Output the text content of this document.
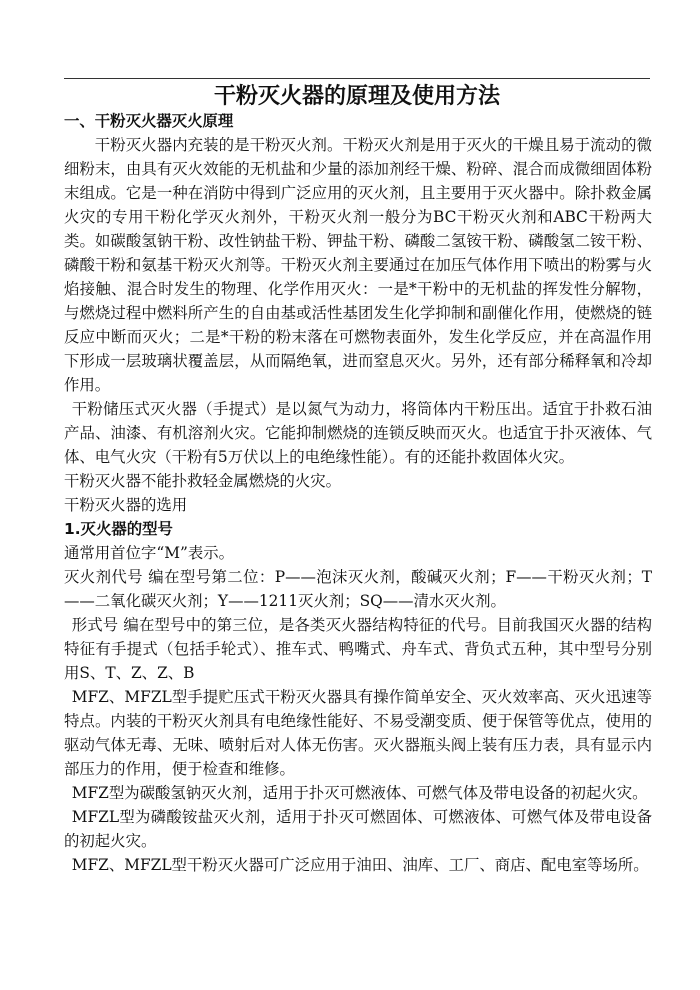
干粉灭火器的原理及使用方法

一、干粉灭火器灭火原理

干粉灭火器内充装的是干粉灭火剂。干粉灭火剂是用于灭火的干燥且易于流动的微细粉末，由具有灭火效能的无机盐和少量的添加剂经干燥、粉碎、混合而成微细固体粉末组成。它是一种在消防中得到广泛应用的灭火剂，且主要用于灭火器中。除扑救金属火灾的专用干粉化学灭火剂外，干粉灭火剂一般分为BC干粉灭火剂和ABC干粉两大类。如碳酸氢钠干粉、改性钠盐干粉、钾盐干粉、磷酸二氢铵干粉、磷酸氢二铵干粉、磷酸干粉和氨基干粉灭火剂等。干粉灭火剂主要通过在加压气体作用下喷出的粉雾与火焰接触、混合时发生的物理、化学作用灭火：一是*干粉中的无机盐的挥发性分解物，与燃烧过程中燃料所产生的自由基或活性基团发生化学抑制和副催化作用，使燃烧的链反应中断而灭火；二是*干粉的粉末落在可燃物表面外，发生化学反应，并在高温作用下形成一层玻璃状覆盖层，从而隔绝氧，进而窒息灭火。另外，还有部分稀释氧和冷却作用。

干粉储压式灭火器（手提式）是以氮气为动力，将筒体内干粉压出。适宜于扑救石油产品、油漆、有机溶剂火灾。它能抑制燃烧的连锁反映而灭火。也适宜于扑灭液体、气体、电气火灾（干粉有5万伏以上的电绝缘性能）。有的还能扑救固体火灾。

干粉灭火器不能扑救轻金属燃烧的火灾。

干粉灭火器的选用

1.灭火器的型号

通常用首位字“M”表示。

灭火剂代号 编在型号第二位：P——泡沫灭火剂，酸碱灭火剂；F——干粉灭火剂；T——二氧化碳灭火剂；Y——1211灭火剂；SQ——清水灭火剂。

形式号 编在型号中的第三位，是各类灭火器结构特征的代号。目前我国灭火器的结构特征有手提式（包括手轮式）、推车式、鸭嘴式、舟车式、背负式五种，其中型号分别用S、T、Z、Z、B

MFZ、MFZL型手提贮压式干粉灭火器具有操作简单安全、灭火效率高、灭火迅速等特点。内装的干粉灭火剂具有电绝缘性能好、不易受潮变质、便于保管等优点，使用的驱动气体无毒、无味、喷射后对人体无伤害。灭火器瓶头阀上装有压力表，具有显示内部压力的作用，便于检查和维修。

MFZ型为碳酸氢钠灭火剂，适用于扑灭可燃液体、可燃气体及带电设备的初起火灾。

MFZL型为磷酸铵盐灭火剂，适用于扑灭可燃固体、可燃液体、可燃气体及带电设备的初起火灾。

MFZ、MFZL型干粉灭火器可广泛应用于油田、油库、工厂、商店、配电室等场所。
